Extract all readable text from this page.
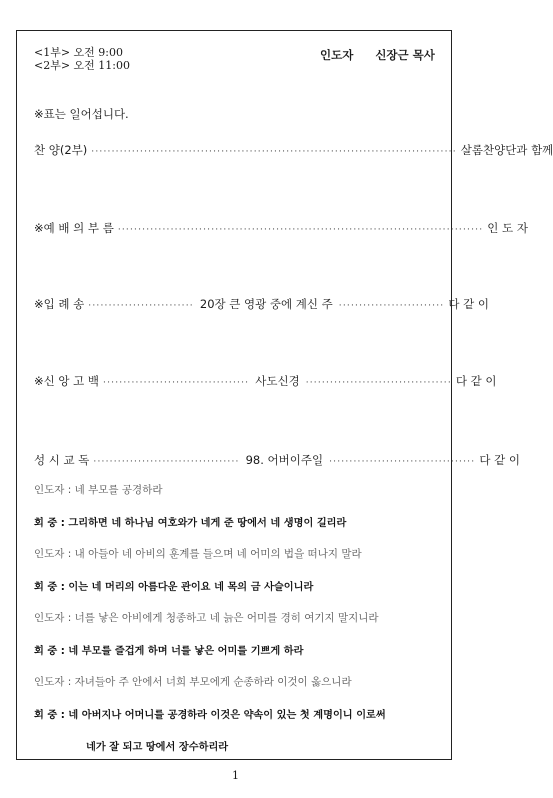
<1부> 오전 9:00
<2부> 오전 11:00
인도자 신장근 목사
※표는 일어섭니다.
찬 양(2부) ·························································································· 살롬찬양단과 함께
※예 배 의 부 름 ·························································································· 인 도 자
※입 례 송 ·························· 20장 큰 영광 중에 계신 주 ·························· 다 같 이
※신 앙 고 백 ···································· 사도신경 ···································· 다 같 이
성 시 교 독 ···································· 98. 어버이주일 ···································· 다 같 이
인도자 : 네 부모를 공경하라
회 중 : 그리하면 네 하나님 여호와가 네게 준 땅에서 네 생명이 길리라
인도자 : 내 아들아 네 아비의 훈계를 들으며 네 어미의 법을 떠나지 말라
회 중 : 이는 네 머리의 아름다운 관이요 네 목의 금 사슬이니라
인도자 : 너를 낳은 아비에게 청종하고 네 늙은 어미를 경히 여기지 말지니라
회 중 : 네 부모를 즐겁게 하며 너를 낳은 어미를 기쁘게 하라
인도자 : 자녀들아 주 안에서 너희 부모에게 순종하라 이것이 옳으니라
회 중 : 네 아버지나 어머니를 공경하라 이것은 약속이 있는 첫 계명이니 이로써
네가 잘 되고 땅에서 장수하리라
1
